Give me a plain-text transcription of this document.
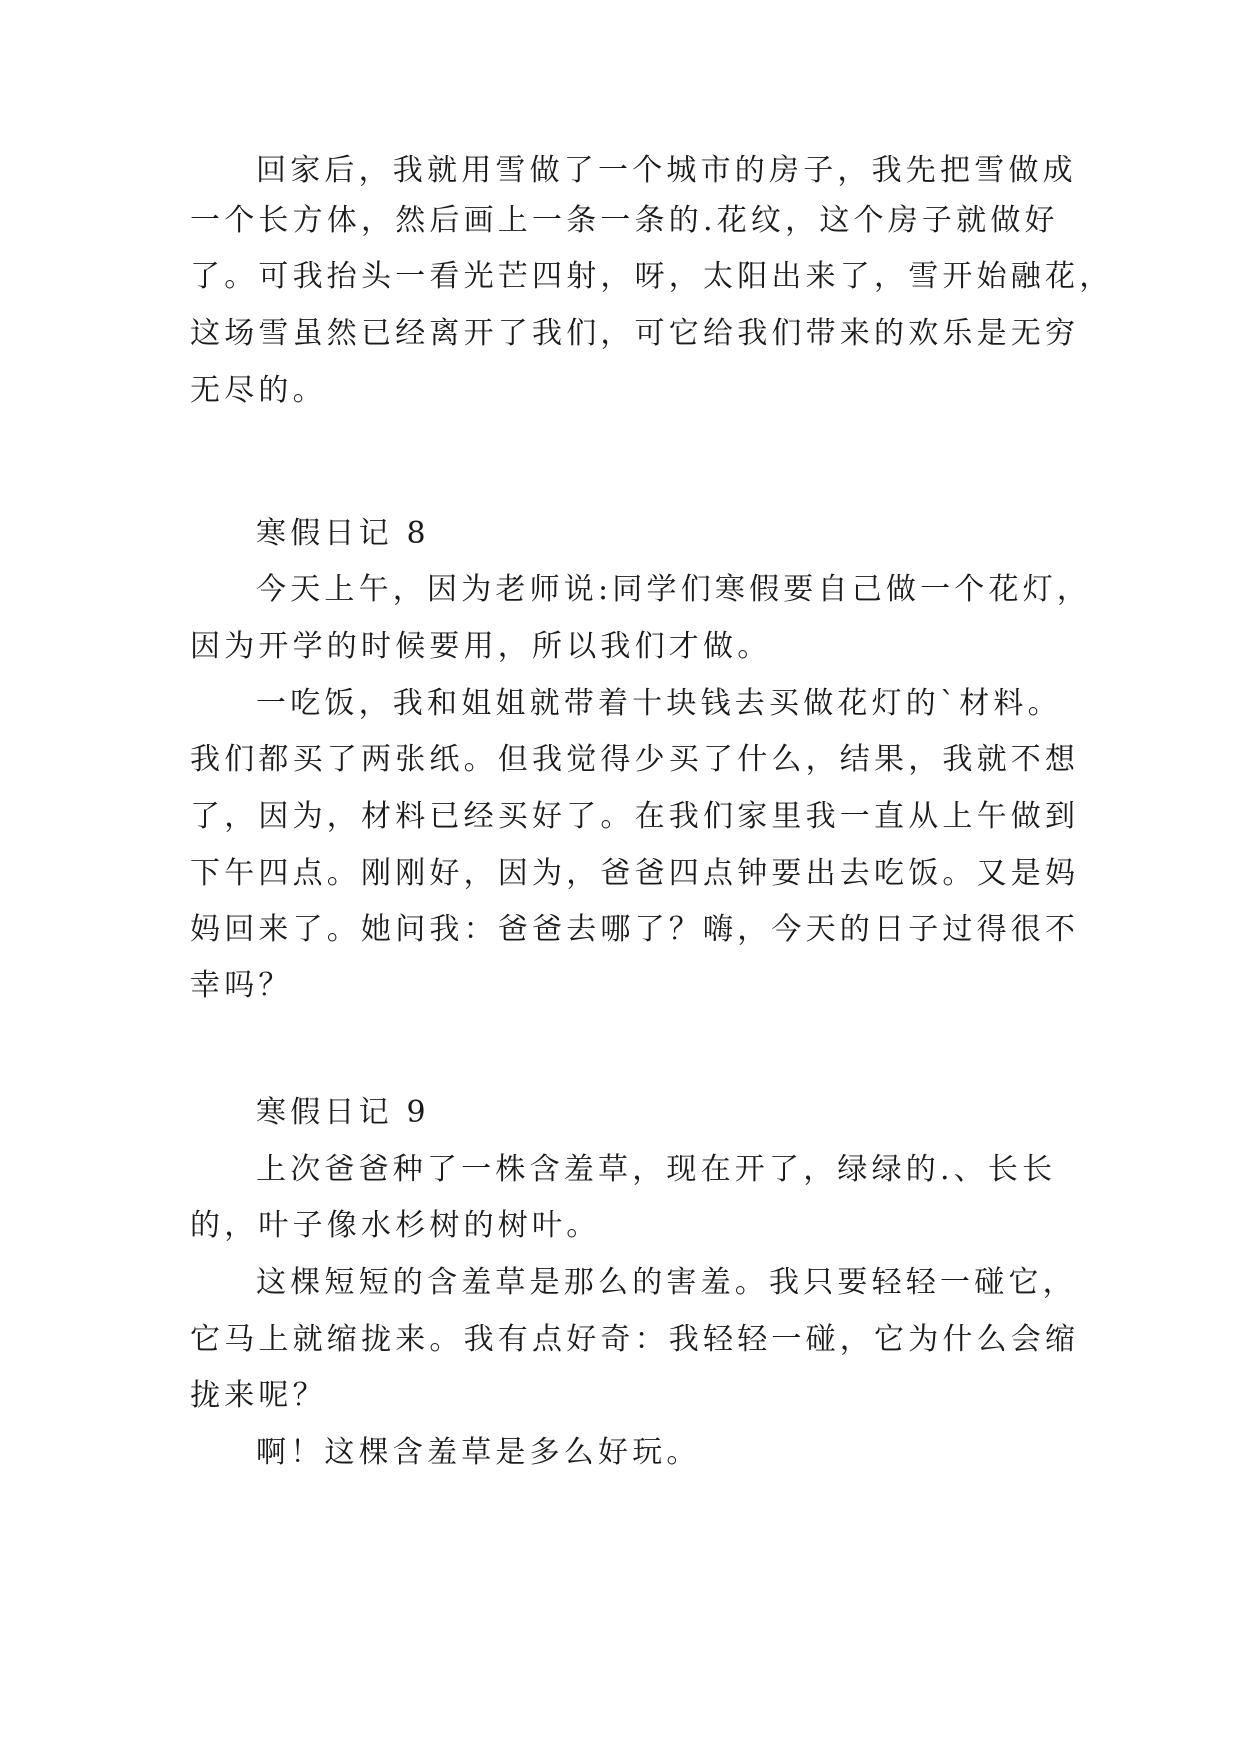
回家后，我就用雪做了一个城市的房子，我先把雪做成
一个长方体，然后画上一条一条的.花纹，这个房子就做好
了。可我抬头一看光芒四射，呀，太阳出来了，雪开始融花，
这场雪虽然已经离开了我们，可它给我们带来的欢乐是无穷
无尽的。
寒假日记 8
今天上午，因为老师说:同学们寒假要自己做一个花灯，
因为开学的时候要用，所以我们才做。
一吃饭，我和姐姐就带着十块钱去买做花灯的`材料。
我们都买了两张纸。但我觉得少买了什么，结果，我就不想
了，因为，材料已经买好了。在我们家里我一直从上午做到
下午四点。刚刚好，因为，爸爸四点钟要出去吃饭。又是妈
妈回来了。她问我：爸爸去哪了？嗨，今天的日子过得很不
幸吗？
寒假日记 9
上次爸爸种了一株含羞草，现在开了，绿绿的.、长长
的，叶子像水杉树的树叶。
这棵短短的含羞草是那么的害羞。我只要轻轻一碰它，
它马上就缩拢来。我有点好奇：我轻轻一碰，它为什么会缩
拢来呢？
啊！这棵含羞草是多么好玩。
